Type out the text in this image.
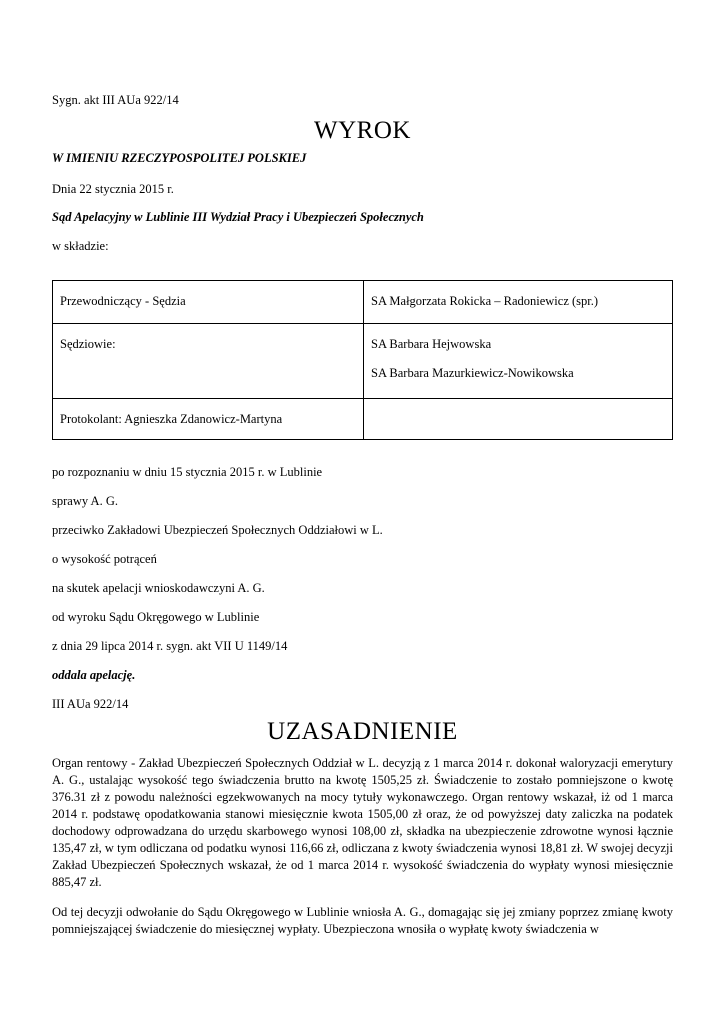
Sygn. akt III AUa 922/14
WYROK
W IMIENIU RZECZYPOSPOLITEJ POLSKIEJ
Dnia 22 stycznia 2015 r.
Sąd Apelacyjny w Lublinie III Wydział Pracy i Ubezpieczeń Społecznych
w składzie:
Przewodniczący - Sędzia	SA Małgorzata Rokicka – Radoniewicz (spr.)
Sędziowie:	SA Barbara Hejwowska
SA Barbara Mazurkiewicz-Nowikowska

Protokolant: Agnieszka Zdanowicz-Martyna	
po rozpoznaniu w dniu 15 stycznia 2015 r. w Lublinie
sprawy A. G.
przeciwko Zakładowi Ubezpieczeń Społecznych Oddziałowi w L.
o wysokość potrąceń
na skutek apelacji wnioskodawczyni A. G.
od wyroku Sądu Okręgowego w Lublinie
z dnia 29 lipca 2014 r. sygn. akt VII U 1149/14
oddala apelację.
III AUa 922/14
UZASADNIENIE
Organ rentowy - Zakład Ubezpieczeń Społecznych Oddział w L. decyzją z 1 marca 2014 r. dokonał waloryzacji emerytury A. G., ustalając wysokość tego świadczenia brutto na kwotę 1505,25 zł. Świadczenie to zostało pomniejszone o kwotę 376.31 zł z powodu należności egzekwowanych na mocy tytuły wykonawczego. Organ rentowy wskazał, iż od 1 marca 2014 r. podstawę opodatkowania stanowi miesięcznie kwota 1505,00 zł oraz, że od powyższej daty zaliczka na podatek dochodowy odprowadzana do urzędu skarbowego wynosi 108,00 zł, składka na ubezpieczenie zdrowotne wynosi łącznie 135,47 zł, w tym odliczana od podatku wynosi 116,66 zł, odliczana z kwoty świadczenia wynosi 18,81 zł. W swojej decyzji Zakład Ubezpieczeń Społecznych wskazał, że od 1 marca 2014 r. wysokość świadczenia do wypłaty wynosi miesięcznie 885,47 zł.
Od tej decyzji odwołanie do Sądu Okręgowego w Lublinie wniosła A. G., domagając się jej zmiany poprzez zmianę kwoty pomniejszającej świadczenie do miesięcznej wypłaty. Ubezpieczona wnosiła o wypłatę kwoty świadczenia w
